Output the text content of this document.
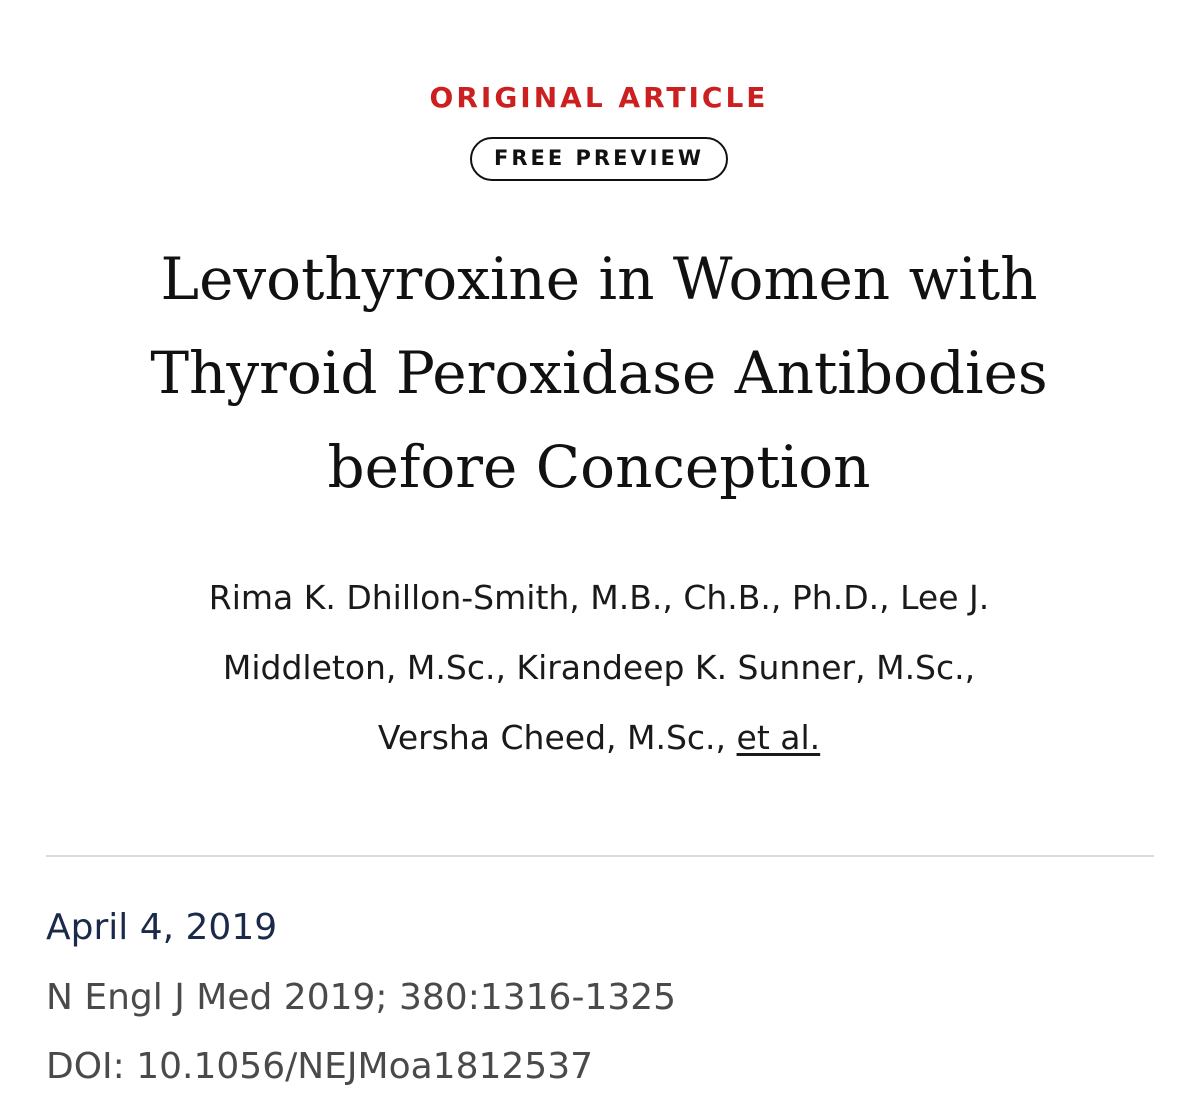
ORIGINAL ARTICLE
FREE PREVIEW
Levothyroxine in Women with
Thyroid Peroxidase Antibodies
before Conception
Rima K. Dhillon-Smith, M.B., Ch.B., Ph.D., Lee J.
Middleton, M.Sc., Kirandeep K. Sunner, M.Sc.,
Versha Cheed, M.Sc., et al.
April 4, 2019
N Engl J Med 2019; 380:1316-1325
DOI: 10.1056/NEJMoa1812537
